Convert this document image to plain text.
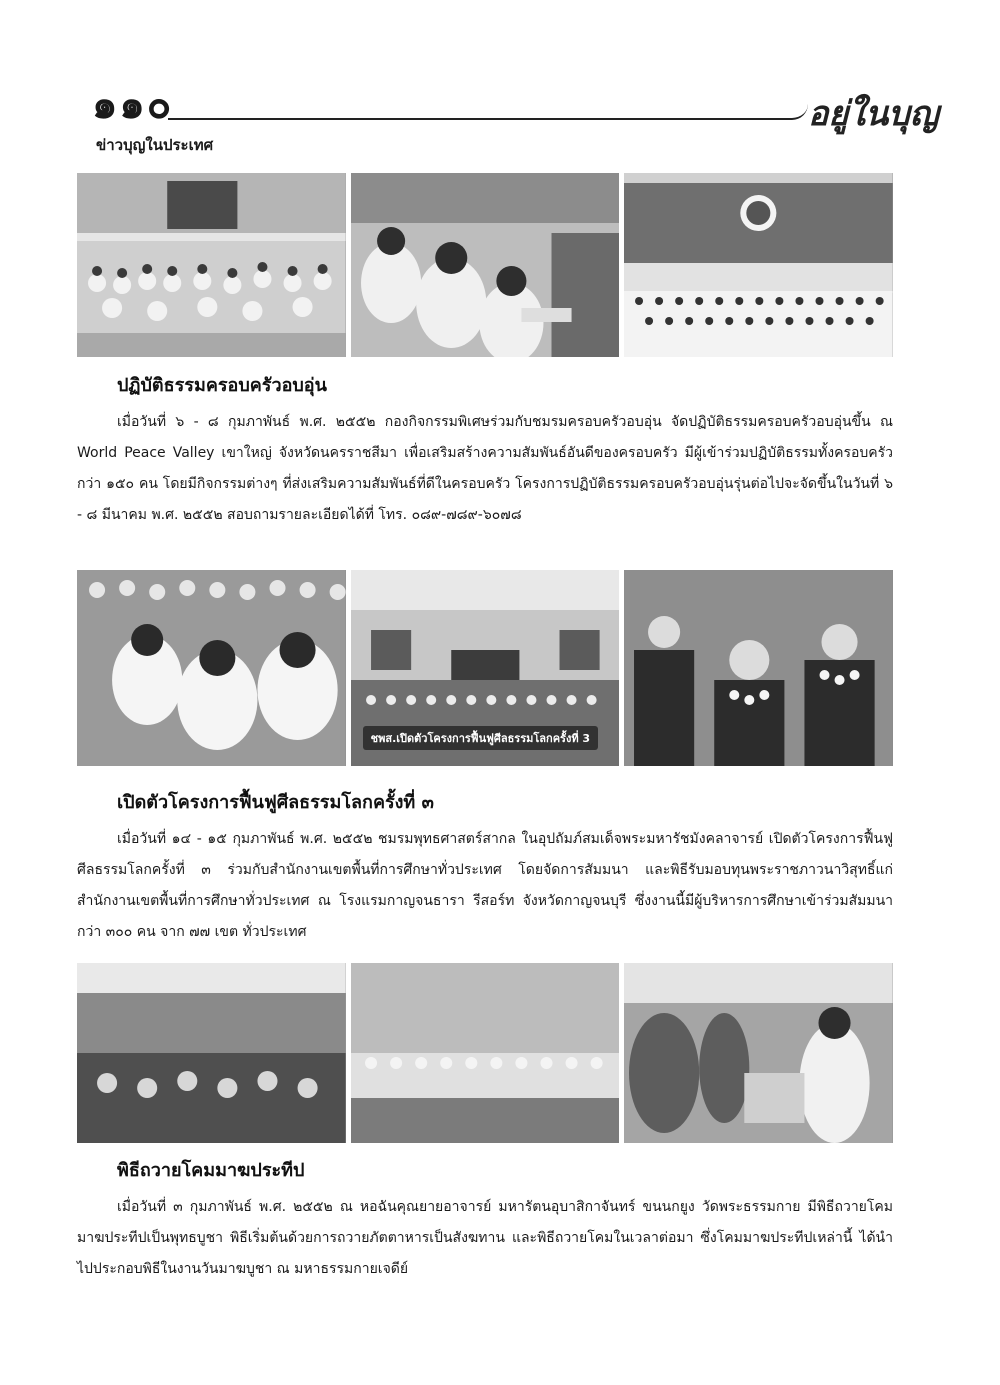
๑๑๐	อยู่ในบุญ
ข่าวบุญในประเทศ
ปฏิบัติธรรมครอบครัวอบอุ่น

เมื่อวันที่ ๖ - ๘ กุมภาพันธ์ พ.ศ. ๒๕๕๒ กองกิจกรรมพิเศษร่วมกับชมรมครอบครัวอบอุ่น จัดปฏิบัติธรรมครอบครัวอบอุ่นขึ้น ณ World Peace Valley เขาใหญ่ จังหวัดนครราชสีมา เพื่อเสริมสร้างความสัมพันธ์อันดีของครอบครัว มีผู้เข้าร่วมปฏิบัติธรรมทั้งครอบครัวกว่า ๑๕๐ คน โดยมีกิจกรรมต่างๆ ที่ส่งเสริมความสัมพันธ์ที่ดีในครอบครัว โครงการปฏิบัติธรรมครอบครัวอบอุ่นรุ่นต่อไปจะจัดขึ้นในวันที่ ๖ - ๘ มีนาคม พ.ศ. ๒๕๕๒ สอบถามรายละเอียดได้ที่ โทร. ๐๘๙-๗๘๙-๖๐๗๘

ชพส.เปิดตัวโครงการฟื้นฟูศีลธรรมโลกครั้งที่ 3
เปิดตัวโครงการฟื้นฟูศีลธรรมโลกครั้งที่ ๓

เมื่อวันที่ ๑๔ - ๑๕ กุมภาพันธ์ พ.ศ. ๒๕๕๒ ชมรมพุทธศาสตร์สากล ในอุปถัมภ์สมเด็จพระมหารัชมังคลาจารย์ เปิดตัวโครงการฟื้นฟูศีลธรรมโลกครั้งที่ ๓ ร่วมกับสำนักงานเขตพื้นที่การศึกษาทั่วประเทศ โดยจัดการสัมมนา และพิธีรับมอบทุนพระราชภาวนาวิสุทธิ์แก่สำนักงานเขตพื้นที่การศึกษาทั่วประเทศ ณ โรงแรมกาญจนธารา รีสอร์ท จังหวัดกาญจนบุรี ซึ่งงานนี้มีผู้บริหารการศึกษาเข้าร่วมสัมมนากว่า ๓๐๐ คน จาก ๗๗ เขต ทั่วประเทศ

พิธีถวายโคมมาฆประทีป

เมื่อวันที่ ๓ กุมภาพันธ์ พ.ศ. ๒๕๕๒ ณ หอฉันคุณยายอาจารย์ มหารัตนอุบาสิกาจันทร์ ขนนกยูง วัดพระธรรมกาย มีพิธีถวายโคมมาฆประทีปเป็นพุทธบูชา พิธีเริ่มต้นด้วยการถวายภัตตาหารเป็นสังฆทาน และพิธีถวายโคมในเวลาต่อมา ซึ่งโคมมาฆประทีปเหล่านี้ ได้นำไปประกอบพิธีในงานวันมาฆบูชา ณ มหาธรรมกายเจดีย์
